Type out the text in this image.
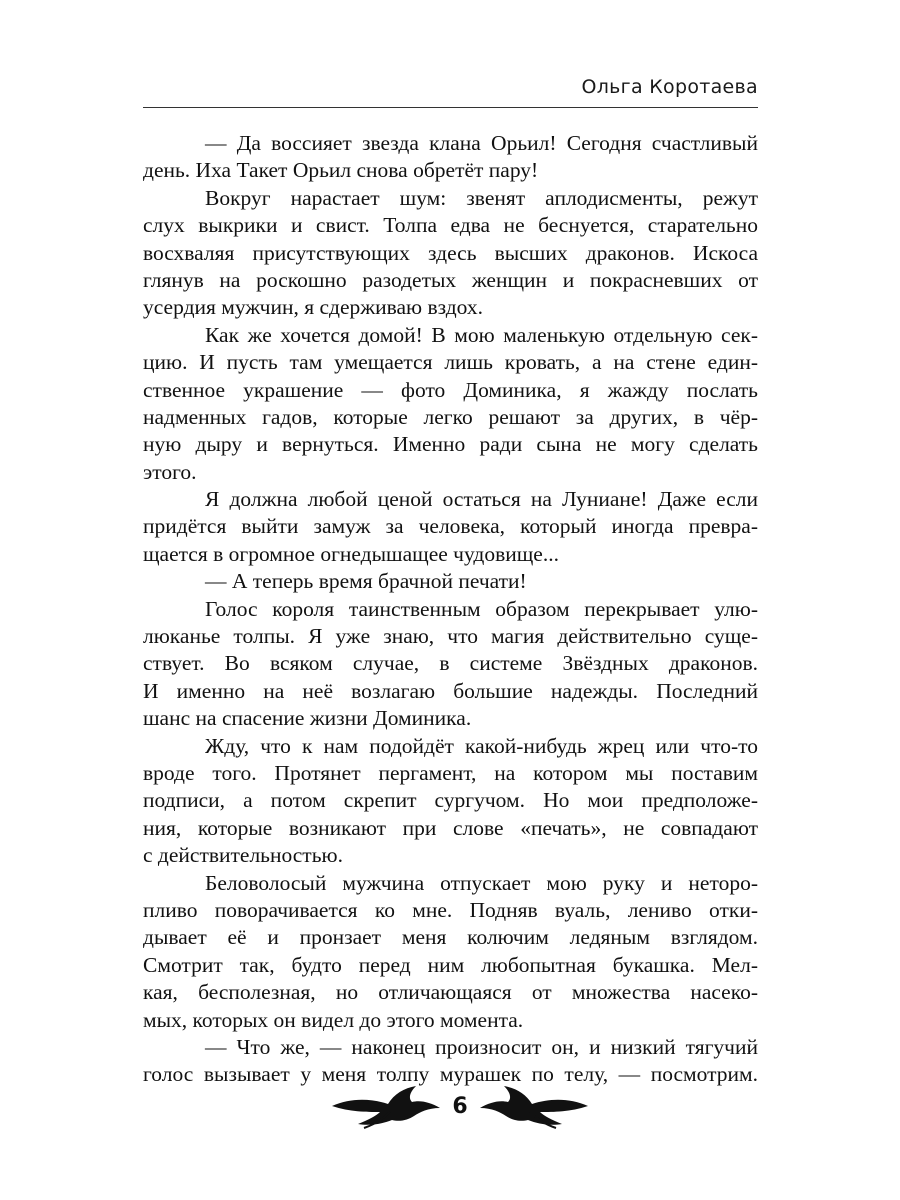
Ольга Коротаева
— Да воссияет звезда клана Орьил! Сегодня счастливый
день. Иха Такет Орьил снова обретёт пару!
Вокруг нарастает шум: звенят аплодисменты, режут
слух выкрики и свист. Толпа едва не беснуется, старательно
восхваляя присутствующих здесь высших драконов. Искоса
глянув на роскошно разодетых женщин и покрасневших от
усердия мужчин, я сдерживаю вздох.
Как же хочется домой! В мою маленькую отдельную сек-
цию. И пусть там умещается лишь кровать, а на стене един-
ственное украшение — фото Доминика, я жажду послать
надменных гадов, которые легко решают за других, в чёр-
ную дыру и вернуться. Именно ради сына не могу сделать
этого.
Я должна любой ценой остаться на Луниане! Даже если
придётся выйти замуж за человека, который иногда превра-
щается в огромное огнедышащее чудовище...
— А теперь время брачной печати!
Голос короля таинственным образом перекрывает улю-
люканье толпы. Я уже знаю, что магия действительно суще-
ствует. Во всяком случае, в системе Звёздных драконов.
И именно на неё возлагаю большие надежды. Последний
шанс на спасение жизни Доминика.
Жду, что к нам подойдёт какой-нибудь жрец или что-то
вроде того. Протянет пергамент, на котором мы поставим
подписи, а потом скрепит сургучом. Но мои предположе-
ния, которые возникают при слове «печать», не совпадают
с действительностью.
Беловолосый мужчина отпускает мою руку и неторо-
пливо поворачивается ко мне. Подняв вуаль, лениво отки-
дывает её и пронзает меня колючим ледяным взглядом.
Смотрит так, будто перед ним любопытная букашка. Мел-
кая, бесполезная, но отличающаяся от множества насеко-
мых, которых он видел до этого момента.
— Что же, — наконец произносит он, и низкий тягучий
голос вызывает у меня толпу мурашек по телу, — посмотрим.
6
